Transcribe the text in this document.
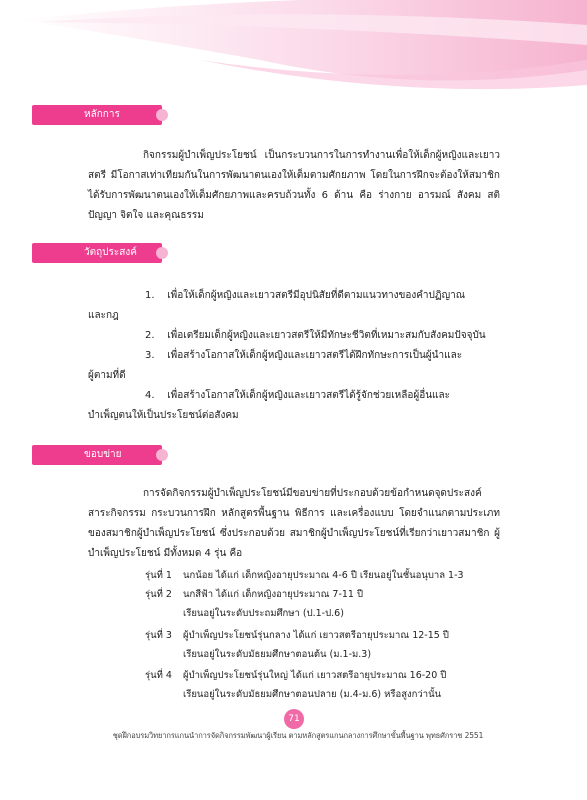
หลักการ
กิจกรรมผู้บำเพ็ญประโยชน์ เป็นกระบวนการในการทำงานเพื่อให้เด็กผู้หญิงและเยาวสตรี มีโอกาสเท่าเทียมกันในการพัฒนาตนเองให้เต็มตามศักยภาพ โดยในการฝึกจะต้องให้สมาชิกได้รับการพัฒนาตนเองให้เต็มศักยภาพและครบถ้วนทั้ง 6 ด้าน คือ ร่างกาย อารมณ์ สังคม สติปัญญา จิตใจ และคุณธรรม
วัตถุประสงค์
1. เพื่อให้เด็กผู้หญิงและเยาวสตรีมีอุปนิสัยที่ดีตามแนวทางของคำปฏิญาณ
และกฎ
2. เพื่อเตรียมเด็กผู้หญิงและเยาวสตรีให้มีทักษะชีวิตที่เหมาะสมกับสังคมปัจจุบัน
3. เพื่อสร้างโอกาสให้เด็กผู้หญิงและเยาวสตรีได้ฝึกทักษะการเป็นผู้นำและ
ผู้ตามที่ดี
4. เพื่อสร้างโอกาสให้เด็กผู้หญิงและเยาวสตรีได้รู้จักช่วยเหลือผู้อื่นและ
บำเพ็ญตนให้เป็นประโยชน์ต่อสังคม
ขอบข่าย
การจัดกิจกรรมผู้บำเพ็ญประโยชน์มีขอบข่ายที่ประกอบด้วยข้อกำหนดจุดประสงค์ สาระกิจกรรม กระบวนการฝึก หลักสูตรพื้นฐาน พิธีการ และเครื่องแบบ โดยจำแนกตามประเภทของสมาชิกผู้บำเพ็ญประโยชน์ ซึ่งประกอบด้วย สมาชิกผู้บำเพ็ญประโยชน์ที่เรียกว่าเยาวสมาชิก ผู้บำเพ็ญประโยชน์ มีทั้งหมด 4 รุ่น คือ
รุ่นที่ 1 นกน้อย ได้แก่ เด็กหญิงอายุประมาณ 4-6 ปี เรียนอยู่ในชั้นอนุบาล 1-3
รุ่นที่ 2 นกสีฟ้า ได้แก่ เด็กหญิงอายุประมาณ 7-11 ปี
เรียนอยู่ในระดับประถมศึกษา (ป.1-ป.6)
รุ่นที่ 3 ผู้บำเพ็ญประโยชน์รุ่นกลาง ได้แก่ เยาวสตรีอายุประมาณ 12-15 ปี
เรียนอยู่ในระดับมัธยมศึกษาตอนต้น (ม.1-ม.3)
รุ่นที่ 4 ผู้บำเพ็ญประโยชน์รุ่นใหญ่ ได้แก่ เยาวสตรีอายุประมาณ 16-20 ปี
เรียนอยู่ในระดับมัธยมศึกษาตอนปลาย (ม.4-ม.6) หรือสูงกว่านั้น
71
ชุดฝึกอบรมวิทยากรแกนนำการจัดกิจกรรมพัฒนาผู้เรียน ตามหลักสูตรแกนกลางการศึกษาขั้นพื้นฐาน พุทธศักราช 2551
